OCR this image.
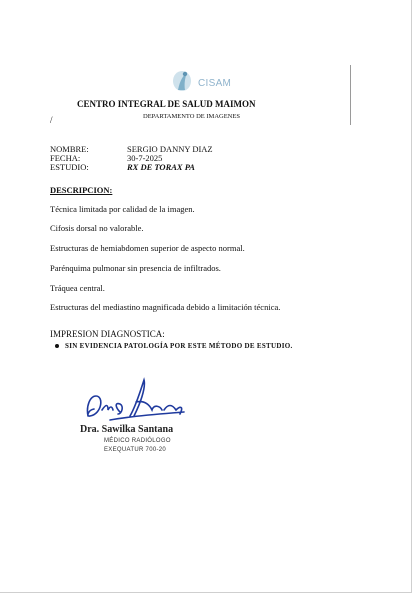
CISAM
CENTRO INTEGRAL DE SALUD MAIMON
/	DEPARTAMENTO DE IMAGENES
NOMBRE:	SERGIO DANNY DIAZ
FECHA:	30-7-2025
ESTUDIO:	RX DE TORAX PA
DESCRIPCION:
Técnica limitada por calidad de la imagen.
Cifosis dorsal no valorable.
Estructuras de hemiabdomen superior de aspecto normal.
Parénquima pulmonar sin presencia de infiltrados.
Tráquea central.
Estructuras del mediastino magnificada debido a limitación técnica.
IMPRESION DIAGNOSTICA:
SIN EVIDENCIA PATOLOGÍA POR ESTE MÉTODO DE ESTUDIO.
Dra. Sawilka Santana
MÉDICO RADIÓLOGO
EXEQUATUR 700-20
